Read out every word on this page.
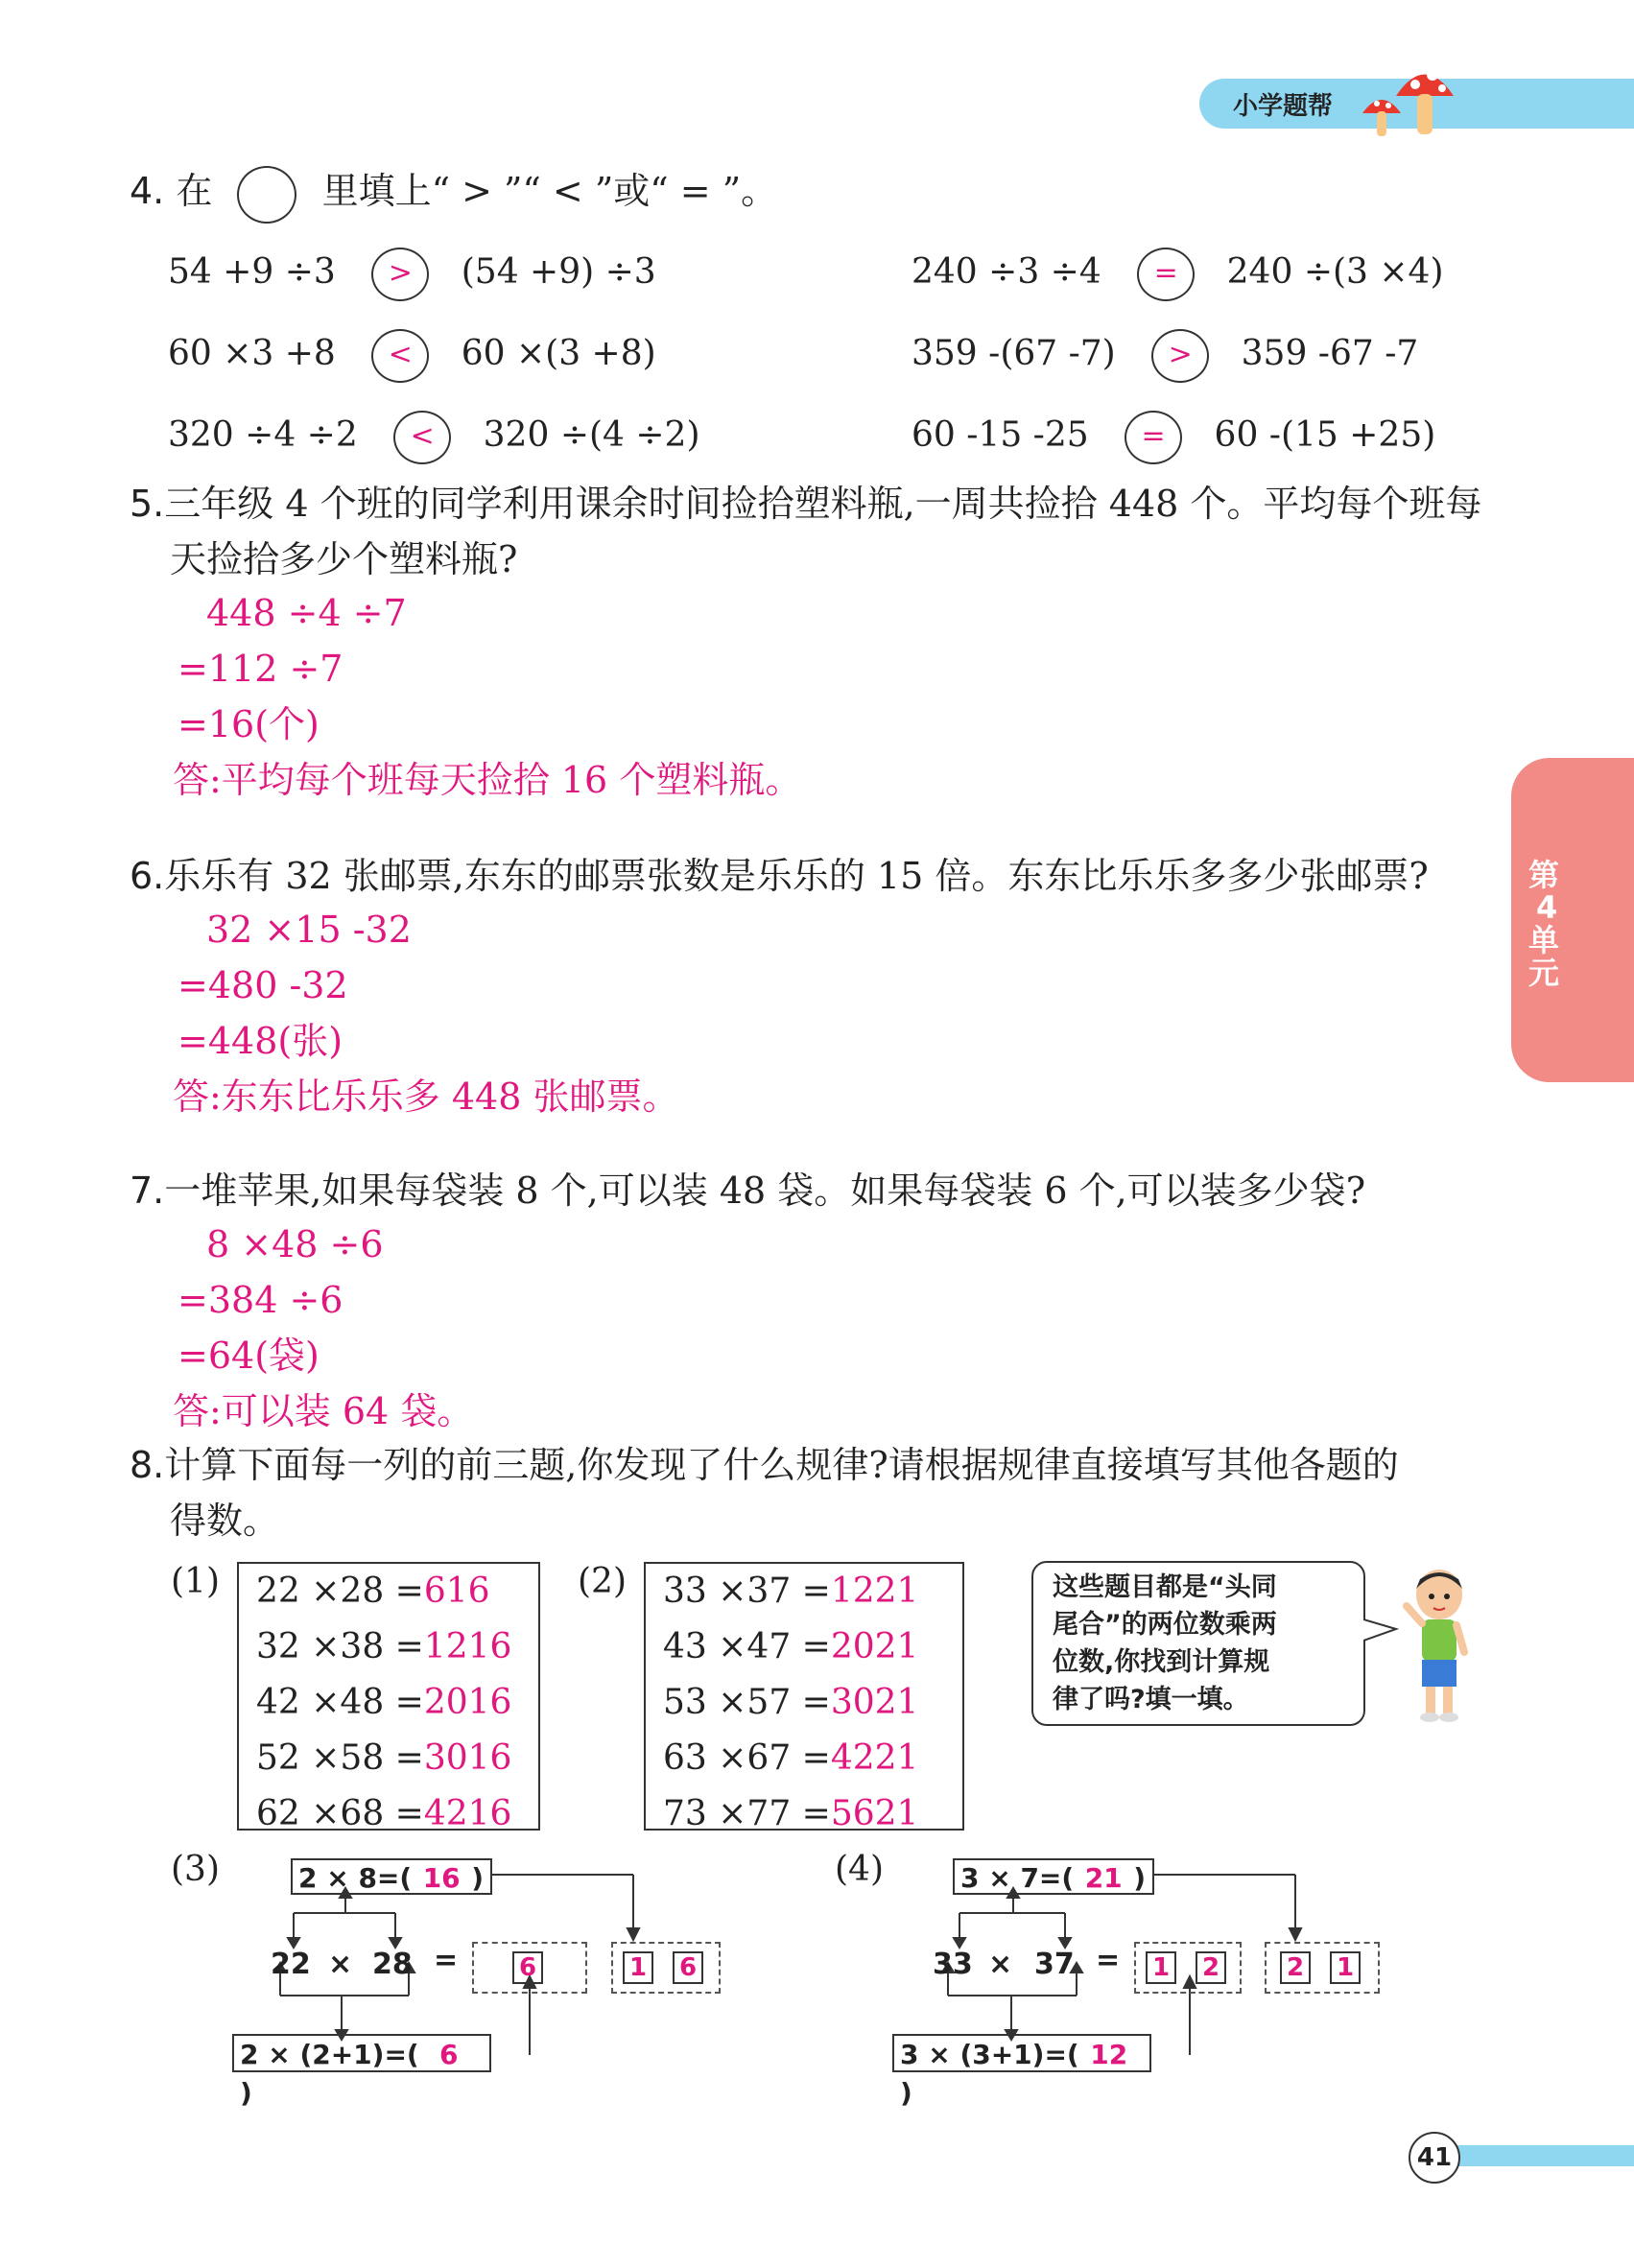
小学题帮
第
4
单
元
4. 在	里填上“ > ”“ < ”或“ = ”。
54 +9 ÷3 > (54 +9) ÷3	240 ÷3 ÷4 = 240 ÷(3 ×4)
60 ×3 +8 < 60 ×(3 +8)	359 -(67 -7) > 359 -67 -7
320 ÷4 ÷2 < 320 ÷(4 ÷2)	60 -15 -25 = 60 -(15 +25)
5.三年级 4 个班的同学利用课余时间捡拾塑料瓶,一周共捡拾 448 个。平均每个班每
天捡拾多少个塑料瓶?
448 ÷4 ÷7
=112 ÷7
=16(个)
答:平均每个班每天捡拾 16 个塑料瓶。
6.乐乐有 32 张邮票,东东的邮票张数是乐乐的 15 倍。东东比乐乐多多少张邮票?
32 ×15 -32
=480 -32
=448(张)
答:东东比乐乐多 448 张邮票。
7.一堆苹果,如果每袋装 8 个,可以装 48 袋。如果每袋装 6 个,可以装多少袋?
8 ×48 ÷6
=384 ÷6
=64(袋)
答:可以装 64 袋。
8.计算下面每一列的前三题,你发现了什么规律?请根据规律直接填写其他各题的
得数。
(1)	22 ×28 =616
32 ×38 =1216
42 ×48 =2016
52 ×58 =3016
62 ×68 =4216
(2)	33 ×37 =1221
43 ×47 =2021
53 ×57 =3021
63 ×67 =4221
73 ×77 =5621
这些题目都是“头同
尾合”的两位数乘两
位数,你找到计算规
律了吗?填一填。
(3)	2 × 8=( 16 )
22 × 28 = 6	1 6
2 × (2+1)=( 6)
(4)	3 × 7=( 21 )
33 × 37 = 1 2	2 1
3 × (3+1)=( 12)
41
